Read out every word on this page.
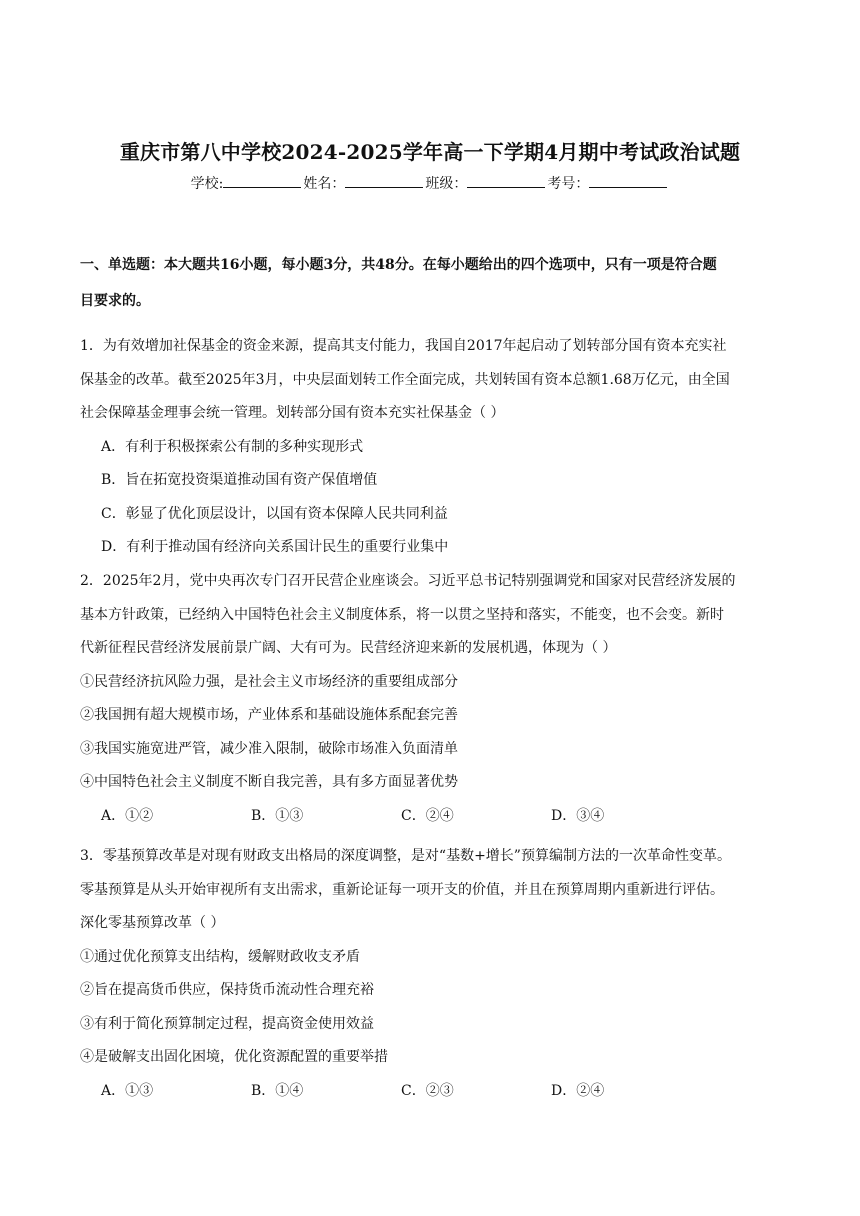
重庆市第八中学校2024-2025学年高一下学期4月期中考试政治试题
学校:	姓名：	班级：	考号：
一、单选题：本大题共16小题，每小题3分，共48分。在每小题给出的四个选项中，只有一项是符合题
目要求的。
1．为有效增加社保基金的资金来源，提高其支付能力，我国自2017年起启动了划转部分国有资本充实社
保基金的改革。截至2025年3月，中央层面划转工作全面完成，共划转国有资本总额1.68万亿元，由全国
社会保障基金理事会统一管理。划转部分国有资本充实社保基金（ ）
A．有利于积极探索公有制的多种实现形式
B．旨在拓宽投资渠道推动国有资产保值增值
C．彰显了优化顶层设计，以国有资本保障人民共同利益
D．有利于推动国有经济向关系国计民生的重要行业集中
2．2025年2月，党中央再次专门召开民营企业座谈会。习近平总书记特别强调党和国家对民营经济发展的
基本方针政策，已经纳入中国特色社会主义制度体系，将一以贯之坚持和落实，不能变，也不会变。新时
代新征程民营经济发展前景广阔、大有可为。民营经济迎来新的发展机遇，体现为（ ）
①民营经济抗风险力强，是社会主义市场经济的重要组成部分
②我国拥有超大规模市场，产业体系和基础设施体系配套完善
③我国实施宽进严管，减少准入限制，破除市场准入负面清单
④中国特色社会主义制度不断自我完善，具有多方面显著优势
A．①②	B．①③	C．②④	D．③④
3．零基预算改革是对现有财政支出格局的深度调整，是对“基数+增长”预算编制方法的一次革命性变革。
零基预算是从头开始审视所有支出需求，重新论证每一项开支的价值，并且在预算周期内重新进行评估。
深化零基预算改革（ ）
①通过优化预算支出结构，缓解财政收支矛盾
②旨在提高货币供应，保持货币流动性合理充裕
③有利于简化预算制定过程，提高资金使用效益
④是破解支出固化困境，优化资源配置的重要举措
A．①③	B．①④	C．②③	D．②④
